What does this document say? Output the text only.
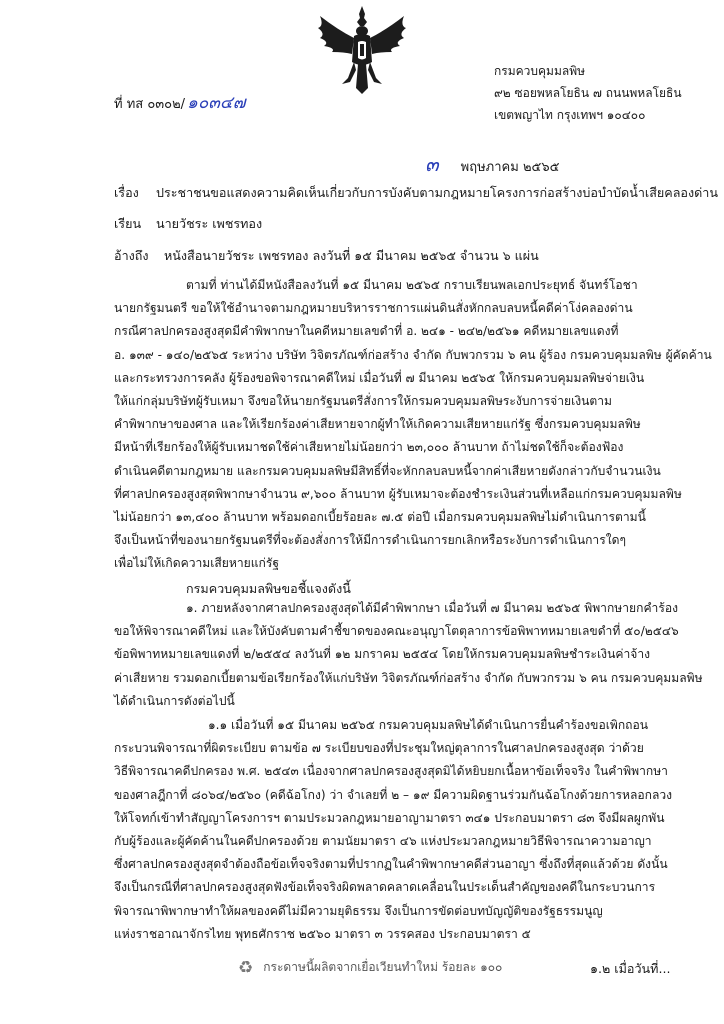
ที่ ทส ๐๓๐๒/ ๑๐๓๔๗
กรมควบคุมมลพิษ
๙๒ ซอยพหลโยธิน ๗ ถนนพหลโยธิน
เขตพญาไท กรุงเทพฯ ๑๐๔๐๐
๓ พฤษภาคม ๒๕๖๕
เรื่อง ประชาชนขอแสดงความคิดเห็นเกี่ยวกับการบังคับตามกฎหมายโครงการก่อสร้างบ่อบำบัดน้ำเสียคลองด่าน
เรียน นายวัชระ เพชรทอง
อ้างถึง หนังสือนายวัชระ เพชรทอง ลงวันที่ ๑๕ มีนาคม ๒๕๖๕ จำนวน ๖ แผ่น
ตามที่ ท่านได้มีหนังสือลงวันที่ ๑๕ มีนาคม ๒๕๖๕ กราบเรียนพลเอกประยุทธ์ จันทร์โอชา
นายกรัฐมนตรี ขอให้ใช้อำนาจตามกฎหมายบริหารราชการแผ่นดินสั่งหักกลบลบหนี้คดีค่าโง่คลองด่าน
กรณีศาลปกครองสูงสุดมีคำพิพากษาในคดีหมายเลขดำที่ อ. ๒๔๑ - ๒๔๒/๒๕๖๑ คดีหมายเลขแดงที่
อ. ๑๓๙ - ๑๔๐/๒๕๖๕ ระหว่าง บริษัท วิจิตรภัณฑ์ก่อสร้าง จำกัด กับพวกรวม ๖ คน ผู้ร้อง กรมควบคุมมลพิษ ผู้คัดค้าน
และกระทรวงการคลัง ผู้ร้องขอพิจารณาคดีใหม่ เมื่อวันที่ ๗ มีนาคม ๒๕๖๕ ให้กรมควบคุมมลพิษจ่ายเงิน
ให้แก่กลุ่มบริษัทผู้รับเหมา จึงขอให้นายกรัฐมนตรีสั่งการให้กรมควบคุมมลพิษระงับการจ่ายเงินตาม
คำพิพากษาของศาล และให้เรียกร้องค่าเสียหายจากผู้ทำให้เกิดความเสียหายแก่รัฐ ซึ่งกรมควบคุมมลพิษ
มีหน้าที่เรียกร้องให้ผู้รับเหมาชดใช้ค่าเสียหายไม่น้อยกว่า ๒๓,๐๐๐ ล้านบาท ถ้าไม่ชดใช้ก็จะต้องฟ้อง
ดำเนินคดีตามกฎหมาย และกรมควบคุมมลพิษมีสิทธิ์ที่จะหักกลบลบหนี้จากค่าเสียหายดังกล่าวกับจำนวนเงิน
ที่ศาลปกครองสูงสุดพิพากษาจำนวน ๙,๖๐๐ ล้านบาท ผู้รับเหมาจะต้องชำระเงินส่วนที่เหลือแก่กรมควบคุมมลพิษ
ไม่น้อยกว่า ๑๓,๔๐๐ ล้านบาท พร้อมดอกเบี้ยร้อยละ ๗.๕ ต่อปี เมื่อกรมควบคุมมลพิษไม่ดำเนินการตามนี้
จึงเป็นหน้าที่ของนายกรัฐมนตรีที่จะต้องสั่งการให้มีการดำเนินการยกเลิกหรือระงับการดำเนินการใดๆ
เพื่อไม่ให้เกิดความเสียหายแก่รัฐ
กรมควบคุมมลพิษขอชี้แจงดังนี้
๑. ภายหลังจากศาลปกครองสูงสุดได้มีคำพิพากษา เมื่อวันที่ ๗ มีนาคม ๒๕๖๕ พิพากษายกคำร้อง
ขอให้พิจารณาคดีใหม่ และให้บังคับตามคำชี้ขาดของคณะอนุญาโตตุลาการข้อพิพาทหมายเลขดำที่ ๕๐/๒๕๔๖
ข้อพิพาทหมายเลขแดงที่ ๒/๒๕๕๔ ลงวันที่ ๑๒ มกราคม ๒๕๕๔ โดยให้กรมควบคุมมลพิษชำระเงินค่าจ้าง
ค่าเสียหาย รวมดอกเบี้ยตามข้อเรียกร้องให้แก่บริษัท วิจิตรภัณฑ์ก่อสร้าง จำกัด กับพวกรวม ๖ คน กรมควบคุมมลพิษ
ได้ดำเนินการดังต่อไปนี้
๑.๑ เมื่อวันที่ ๑๕ มีนาคม ๒๕๖๕ กรมควบคุมมลพิษได้ดำเนินการยื่นคำร้องขอเพิกถอน
กระบวนพิจารณาที่ผิดระเบียบ ตามข้อ ๗ ระเบียบของที่ประชุมใหญ่ตุลาการในศาลปกครองสูงสุด ว่าด้วย
วิธีพิจารณาคดีปกครอง พ.ศ. ๒๕๔๓ เนื่องจากศาลปกครองสูงสุดมิได้หยิบยกเนื้อหาข้อเท็จจริง ในคำพิพากษา
ของศาลฎีกาที่ ๘๐๖๔/๒๕๖๐ (คดีฉ้อโกง) ว่า จำเลยที่ ๒ – ๑๙ มีความผิดฐานร่วมกันฉ้อโกงด้วยการหลอกลวง
ให้โจทก์เข้าทำสัญญาโครงการฯ ตามประมวลกฎหมายอาญามาตรา ๓๔๑ ประกอบมาตรา ๘๓ จึงมีผลผูกพัน
กับผู้ร้องและผู้คัดค้านในคดีปกครองด้วย ตามนัยมาตรา ๔๖ แห่งประมวลกฎหมายวิธีพิจารณาความอาญา
ซึ่งศาลปกครองสูงสุดจำต้องถือข้อเท็จจริงตามที่ปรากฏในคำพิพากษาคดีส่วนอาญา ซึ่งถึงที่สุดแล้วด้วย ดังนั้น
จึงเป็นกรณีที่ศาลปกครองสูงสุดฟังข้อเท็จจริงผิดพลาดคลาดเคลื่อนในประเด็นสำคัญของคดีในกระบวนการ
พิจารณาพิพากษาทำให้ผลของคดีไม่มีความยุติธรรม จึงเป็นการขัดต่อบทบัญญัติของรัฐธรรมนูญ
แห่งราชอาณาจักรไทย พุทธศักราช ๒๕๖๐ มาตรา ๓ วรรคสอง ประกอบมาตรา ๕
♻ กระดาษนี้ผลิตจากเยื่อเวียนทำใหม่ ร้อยละ ๑๐๐	๑.๒ เมื่อวันที่...
